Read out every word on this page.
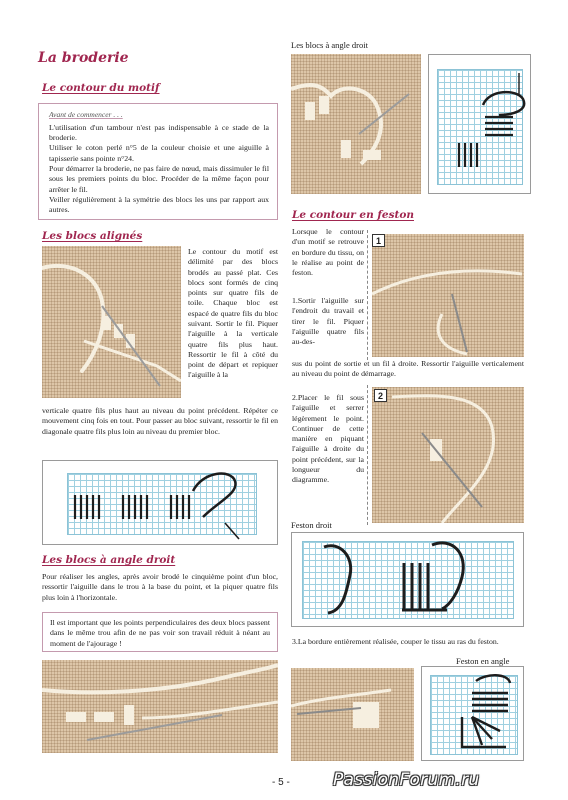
La broderie
Le contour du motif
Avant de commencer . . .
L'utilisation d'un tambour n'est pas indispensable à ce stade de la broderie.
Utiliser le coton perlé n°5 de la couleur choisie et une aiguille à tapisserie sans pointe n°24.
Pour démarrer la broderie, ne pas faire de nœud, mais dissimuler le fil sous les premiers points du bloc. Procéder de la même façon pour arrêter le fil.
Veiller régulièrement à la symétrie des blocs les uns par rapport aux autres.
Les blocs alignés
Le contour du motif est délimité par des blocs brodés au passé plat. Ces blocs sont formés de cinq points sur quatre fils de toile. Chaque bloc est espacé de quatre fils du bloc suivant. Sortir le fil. Piquer l'aiguille à la verticale quatre fils plus haut. Ressortir le fil à côté du point de départ et repiquer l'aiguille à la
verticale quatre fils plus haut au niveau du point précédent. Répéter ce mouvement cinq fois en tout. Pour passer au bloc suivant, ressortir le fil en diagonale quatre fils plus loin au niveau du premier bloc.
Les blocs à angle droit
Pour réaliser les angles, après avoir brodé le cinquième point d'un bloc, ressortir l'aiguille dans le trou à la base du point, et la piquer quatre fils plus loin à l'horizontale.
Il est important que les points perpendiculaires des deux blocs passent dans le même trou afin de ne pas voir son travail réduit à néant au moment de l'ajourage !
Les blocs à angle droit
Le contour en feston
Lorsque le contour d'un motif se retrouve en bordure du tissu, on le réalise au point de feston.
1.Sortir l'aiguille sur l'endroit du travail et tirer le fil. Piquer l'aiguille quatre fils au-des-
1
sus du point de sortie et un fil à droite. Ressortir l'aiguille verticalement au niveau du point de démarrage.
2
2.Placer le fil sous l'aiguille et serrer légèrement le point. Continuer de cette manière en piquant l'aiguille à droite du point précédent, sur la longueur du diagramme.
Feston droit
3.La bordure entièrement réalisée, couper le tissu au ras du feston.
Feston en angle
- 5 -	PassionForum.ru
